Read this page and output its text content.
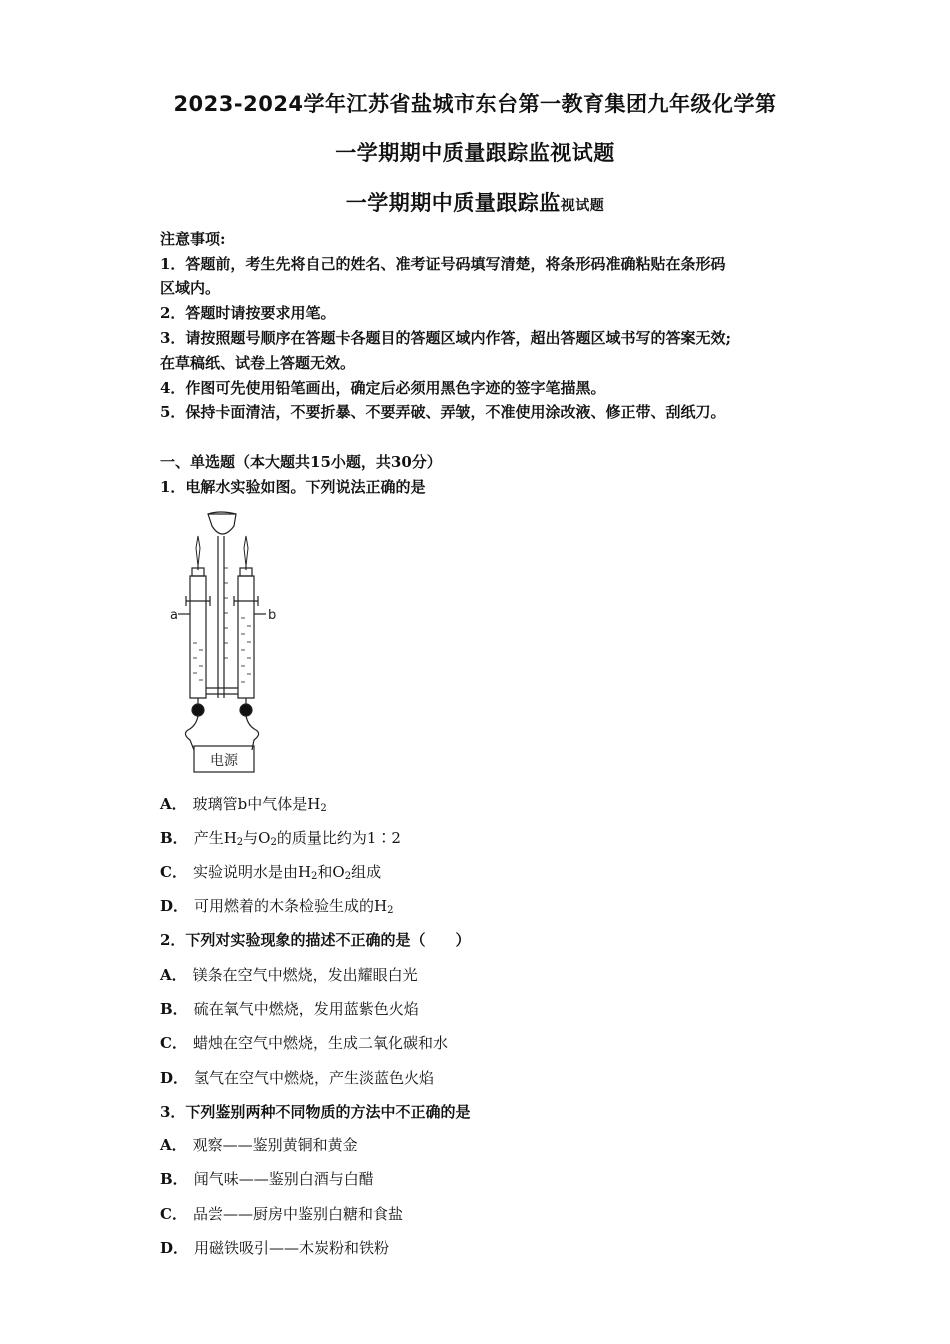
2023-2024学年江苏省盐城市东台第一教育集团九年级化学第
一学期期中质量跟踪监视试题
一学期期中质量跟踪监视试题
注意事项:
1．答题前，考生先将自己的姓名、准考证号码填写清楚，将条形码准确粘贴在条形码
区域内。
2．答题时请按要求用笔。
3．请按照题号顺序在答题卡各题目的答题区域内作答，超出答题区域书写的答案无效;
在草稿纸、试卷上答题无效。
4．作图可先使用铅笔画出，确定后必须用黑色字迹的签字笔描黑。
5．保持卡面清洁，不要折暴、不要弄破、弄皱，不准使用涂改液、修正带、刮纸刀。
一、单选题（本大题共15小题，共30分）
1．电解水实验如图。下列说法正确的是
a	b
电源
A． 玻璃管b中气体是$H_2$
B． 产生$H_2$与$O_2$的质量比约为1∶2
C． 实验说明水是由$H_2$和$O_2$组成
D． 可用燃着的木条检验生成的$H_2$
2．下列对实验现象的描述不正确的是（　　）
A． 镁条在空气中燃烧，发出耀眼白光
B． 硫在氧气中燃烧，发用蓝紫色火焰
C． 蜡烛在空气中燃烧，生成二氧化碳和水
D． 氢气在空气中燃烧，产生淡蓝色火焰
3．下列鉴别两种不同物质的方法中不正确的是
A． 观察——鉴别黄铜和黄金
B． 闻气味——鉴别白酒与白醋
C． 品尝——厨房中鉴别白糖和食盐
D． 用磁铁吸引——木炭粉和铁粉
